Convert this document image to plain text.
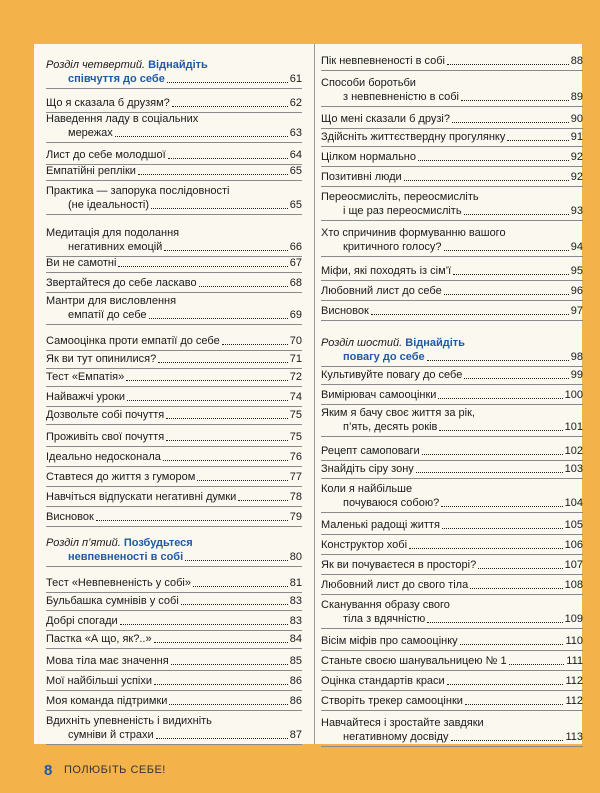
Розділ четвертий.
Віднайдіть
співчуття до себе	61
Що я сказала б друзям?	62
Наведення ладу в соціальних
мережах	63
Лист до себе молодшої	64
Емпатійні репліки	65
Практика — запорука послідовності
(не ідеальності)	65
Медитація для подолання
негативних емоцій	66
Ви не самотні	67
Звертайтеся до себе ласкаво	68
Мантри для висловлення
емпатії до себе	69
Самооцінка проти емпатії до себе	70
Як ви тут опинилися?	71
Тест «Емпатія»	72
Найважчі уроки	74
Дозвольте собі почуття	75
Проживіть свої почуття	75
Ідеально недосконала	76
Ставтеся до життя з гумором	77
Навчіться відпускати негативні думки	78
Висновок	79
Розділ п’ятий.
Позбудьтеся
невпевненості в собі	80
Тест «Невпевненість у собі»	81
Бульбашка сумнівів у собі	83
Добрі спогади	83
Пастка «А що, як?..»	84
Мова тіла має значення	85
Мої найбільші успіхи	86
Моя команда підтримки	86
Вдихніть упевненість і видихніть
сумніви й страхи	87
Пік невпевненості в собі	88
Способи боротьби
з невпевненістю в собі	89
Що мені сказали б друзі?	90
Здійсніть життєствердну прогулянку	91
Цілком нормально	92
Позитивні люди	92
Переосмисліть, переосмисліть
і ще раз переосмисліть	93
Хто спричинив формуванню вашого
критичного голосу?	94
Міфи, які походять із сім’ї	95
Любовний лист до себе	96
Висновок	97
Розділ шостий.
Віднайдіть
повагу до себе	98
Культивуйте повагу до себе	99
Вимірювач самооцінки	100
Яким я бачу своє життя за рік,
п’ять, десять років	101
Рецепт самоповаги	102
Знайдіть сіру зону	103
Коли я найбільше
почуваюся собою?	104
Маленькі радощі життя	105
Конструктор хобі	106
Як ви почуваєтеся в просторі?	107
Любовний лист до свого тіла	108
Сканування образу свого
тіла з вдячністю	109
Вісім міфів про самооцінку	110
Станьте своєю шанувальницею № 1	111
Оцінка стандартів краси	112
Створіть трекер самооцінки	112
Навчайтеся і зростайте завдяки
негативному досвіду	113
8 ПОЛЮБІТЬ СЕБЕ!
